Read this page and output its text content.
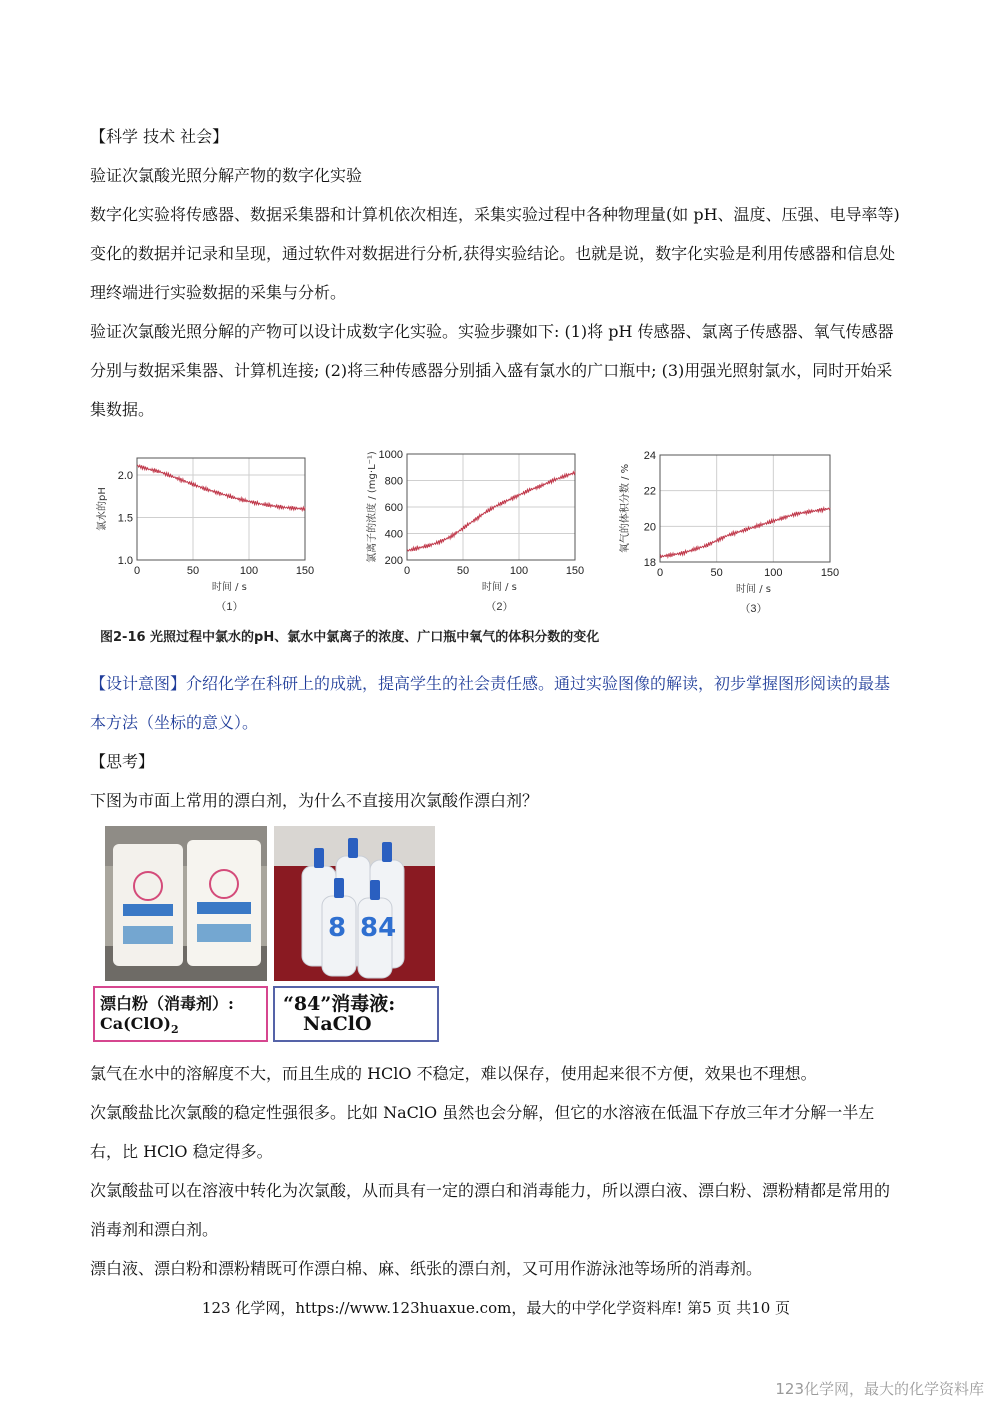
【科学 技术 社会】

验证次氯酸光照分解产物的数字化实验

数字化实验将传感器、数据采集器和计算机依次相连，采集实验过程中各种物理量(如 pH、温度、压强、电导率等)变化的数据并记录和呈现，通过软件对数据进行分析,获得实验结论。也就是说，数字化实验是利用传感器和信息处理终端进行实验数据的采集与分析。

验证次氯酸光照分解的产物可以设计成数字化实验。实验步骤如下: (1)将 pH 传感器、氯离子传感器、氧气传感器分别与数据采集器、计算机连接; (2)将三种传感器分别插入盛有氯水的广口瓶中; (3)用强光照射氯水，同时开始采集数据。

0	50	100	150
1.0
1.5
2.0
时间 / s
氯水的pH
（1）
0	50	100	150
200
400
600
800
1000
时间 / s
氯离子的浓度 / (mg·L⁻¹)
（2）
0	50	100	150
18
20
22
24
时间 / s
氧气的体积分数 / %
（3）
图2-16 光照过程中氯水的pH、氯水中氯离子的浓度、广口瓶中氧气的体积分数的变化

【设计意图】介绍化学在科研上的成就，提高学生的社会责任感。通过实验图像的解读，初步掌握图形阅读的最基本方法（坐标的意义）。

【思考】

下图为市面上常用的漂白剂，为什么不直接用次氯酸作漂白剂？

8 84
漂白粉（消毒剂）:
$Ca(ClO)_2$
“84”消毒液:
NaClO

氯气在水中的溶解度不大，而且生成的 HClO 不稳定，难以保存，使用起来很不方便，效果也不理想。

次氯酸盐比次氯酸的稳定性强很多。比如 NaClO 虽然也会分解，但它的水溶液在低温下存放三年才分解一半左右，比 HClO 稳定得多。

次氯酸盐可以在溶液中转化为次氯酸，从而具有一定的漂白和消毒能力，所以漂白液、漂白粉、漂粉精都是常用的消毒剂和漂白剂。

漂白液、漂白粉和漂粉精既可作漂白棉、麻、纸张的漂白剂，又可用作游泳池等场所的消毒剂。

123 化学网，https://www.123huaxue.com，最大的中学化学资料库! 第5 页 共10 页
123化学网，最大的化学资料库
